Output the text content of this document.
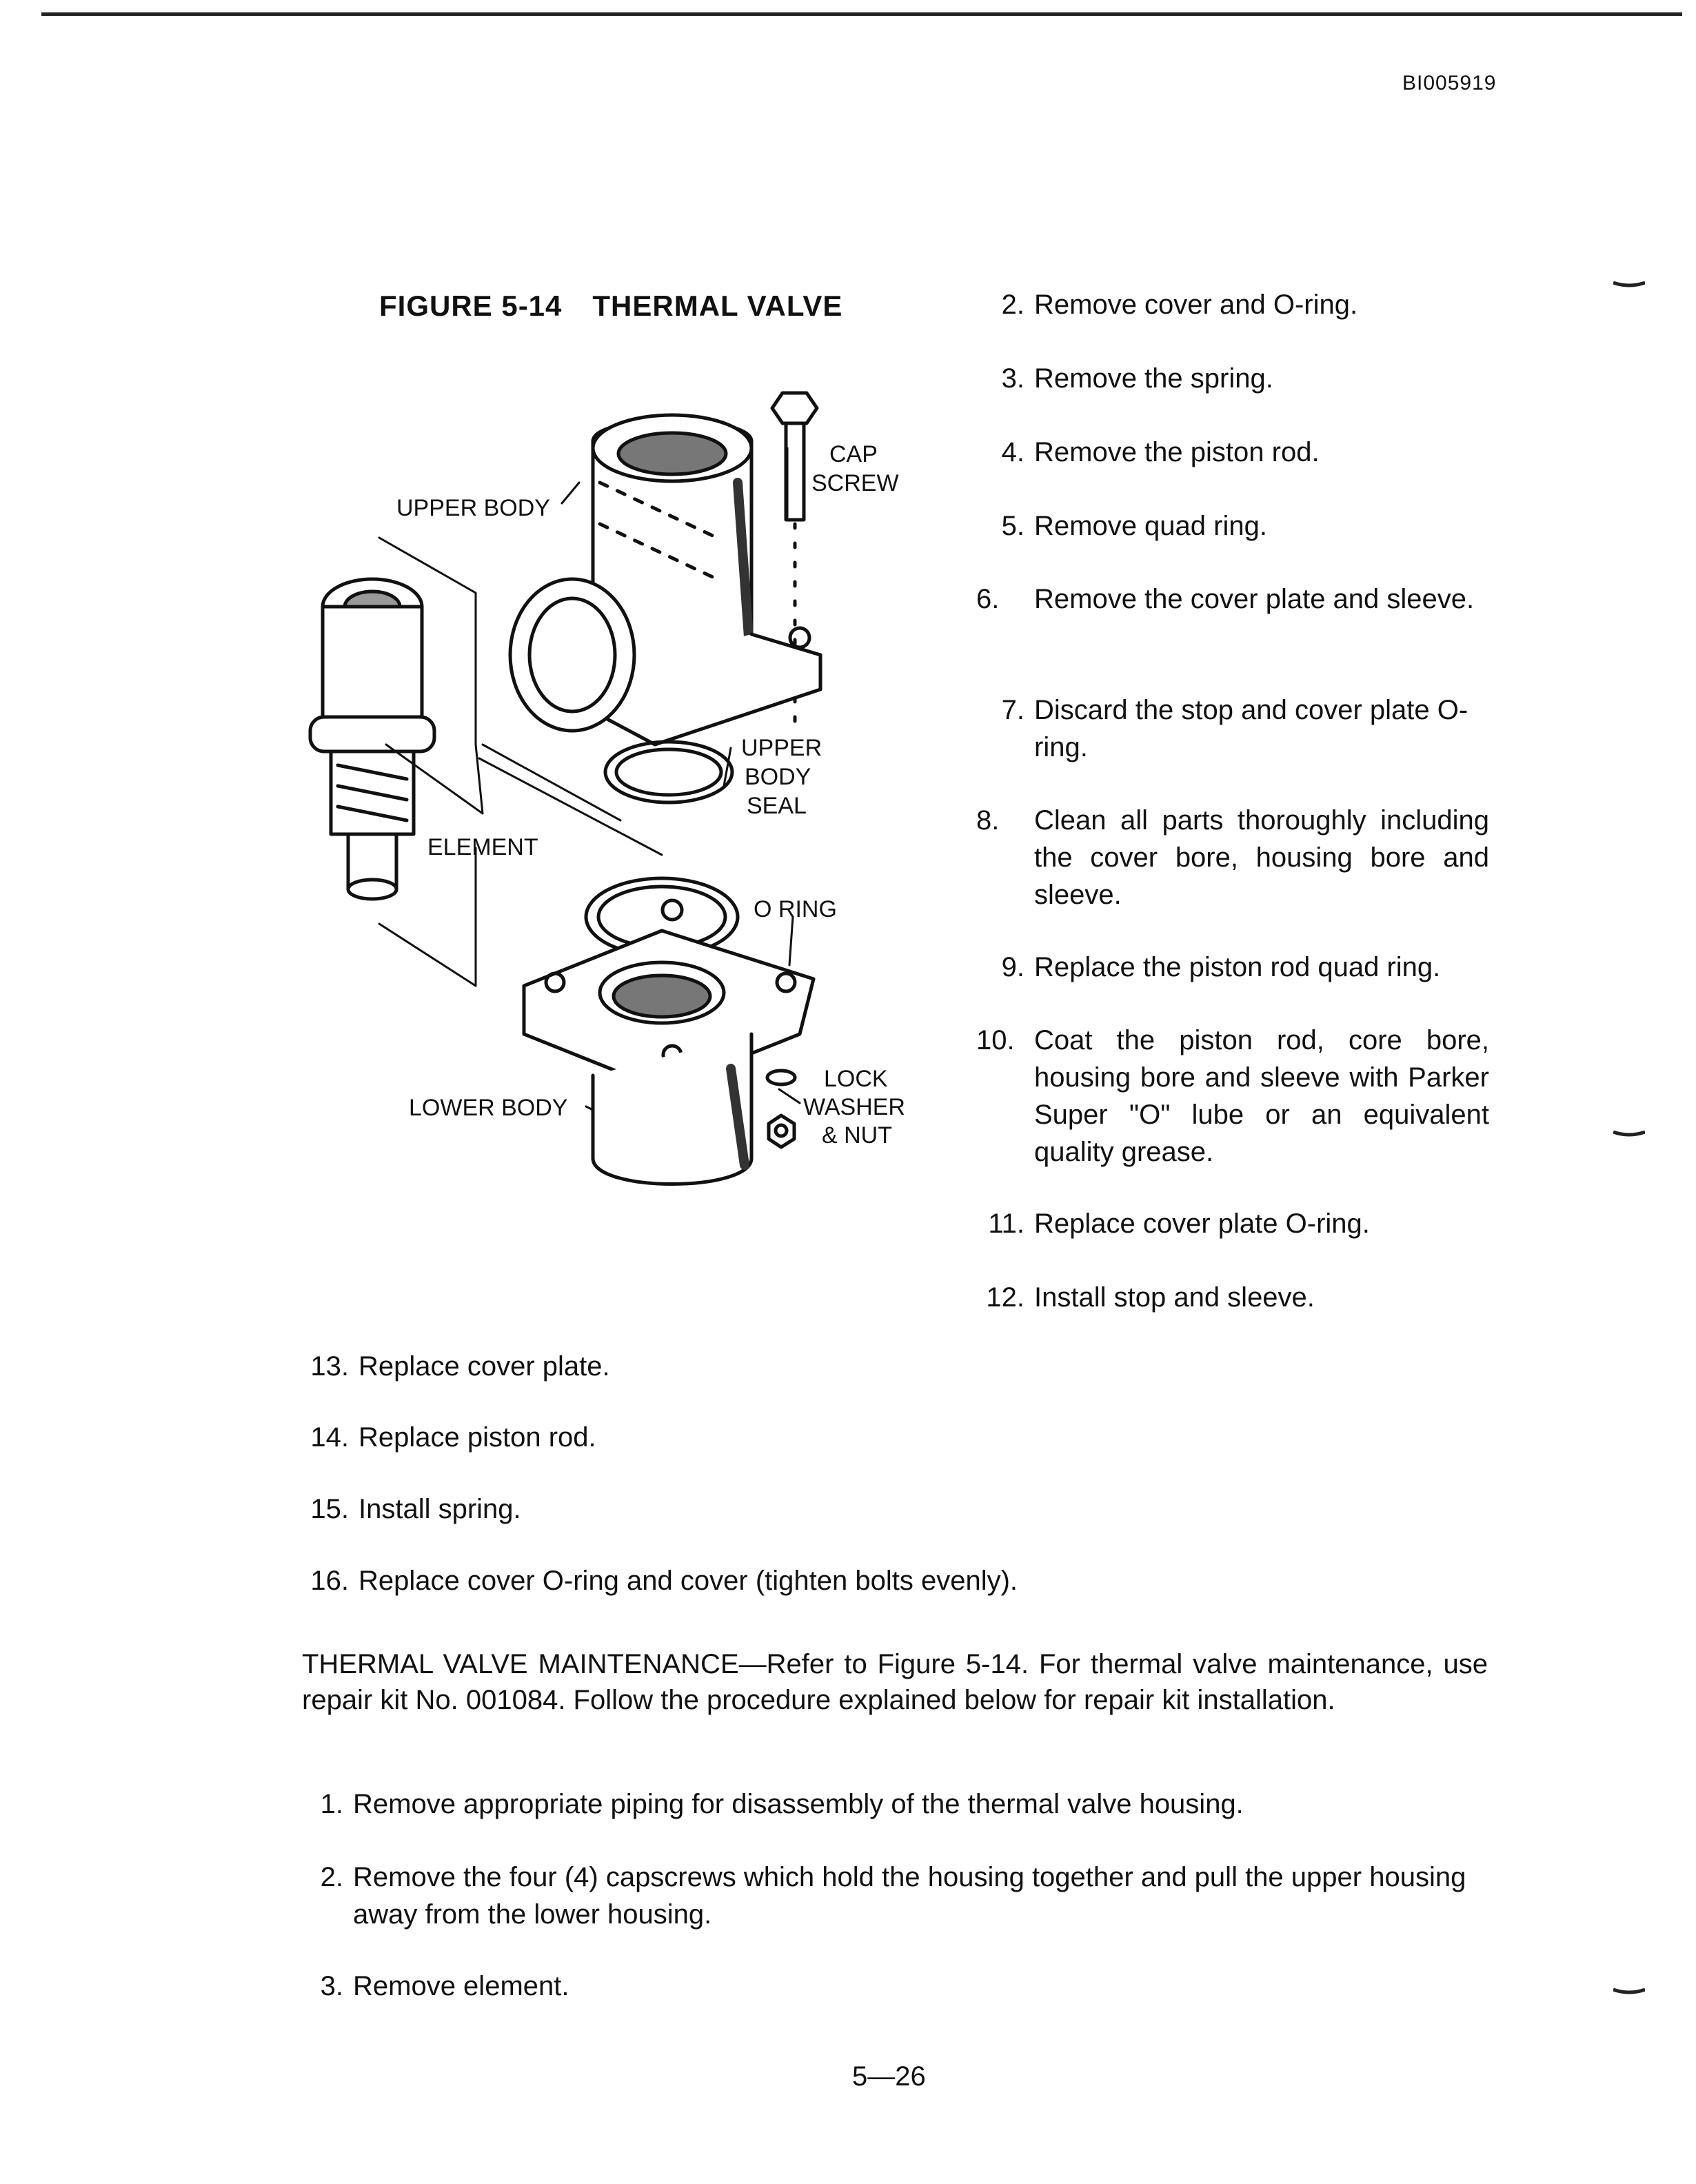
BI005919
FIGURE 5-14 THERMAL VALVE
CAP
SCREW
UPPER BODY
UPPER
BODY
SEAL
ELEMENT
O RING
LOWER BODY
LOCK
WASHER
& NUT
2. Remove cover and O-ring.
3. Remove the spring.
4. Remove the piston rod.
5. Remove quad ring.
6.	Remove the cover plate and sleeve.
7. Discard the stop and cover plate O-ring.
8.	Clean all parts thoroughly including the cover bore, housing bore and sleeve.
9. Replace the piston rod quad ring.
10. Coat the piston rod, core bore, housing bore and sleeve with Parker Super "O" lube or an equivalent quality grease.
11. Replace cover plate O-ring.
12. Install stop and sleeve.
13. Replace cover plate.
14. Replace piston rod.
15. Install spring.
16. Replace cover O-ring and cover (tighten bolts evenly).
THERMAL VALVE MAINTENANCE—Refer to Figure 5-14. For thermal valve maintenance, use repair kit No. 001084. Follow the procedure explained below for repair kit installation.
1. Remove appropriate piping for disassembly of the thermal valve housing.
2. Remove the four (4) capscrews which hold the housing together and pull the upper housing away from the lower housing.
3. Remove element.
5—26
